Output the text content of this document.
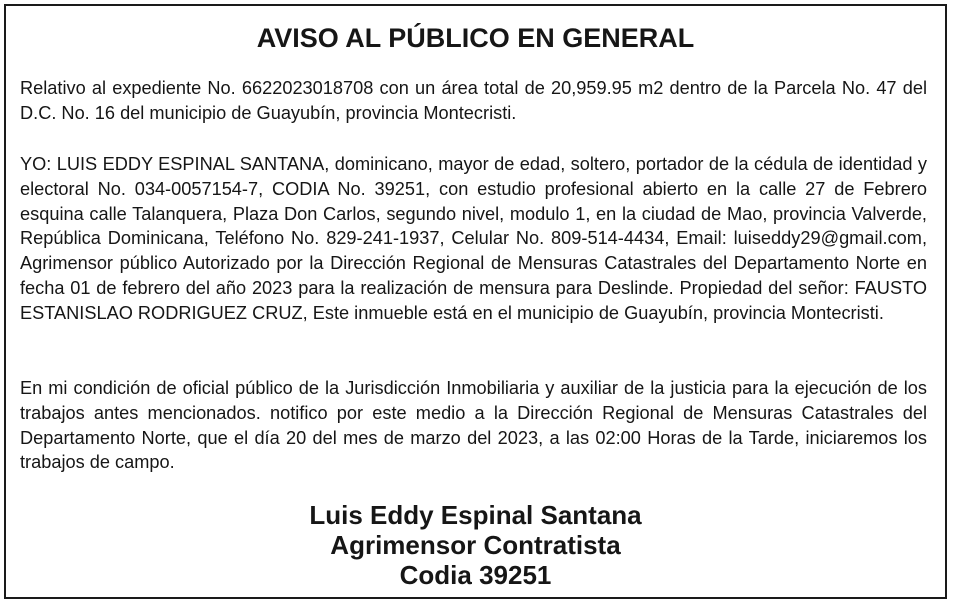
AVISO AL PÚBLICO EN GENERAL

Relativo al expediente No. 6622023018708 con un área total de 20,959.95 m2 dentro de la Parcela No. 47 del D.C. No. 16 del municipio de Guayubín, provincia Montecristi.

YO: LUIS EDDY ESPINAL SANTANA, dominicano, mayor de edad, soltero, portador de la cédula de identidad y electoral No. 034-0057154-7, CODIA No. 39251, con estudio profesional abierto en la calle 27 de Febrero esquina calle Talanquera, Plaza Don Carlos, segundo nivel, modulo 1, en la ciudad de Mao, provincia Valverde, República Dominicana, Teléfono No. 829-241-1937, Celular No. 809-514-4434, Email: luiseddy29@gmail.com, Agrimensor público Autorizado por la Dirección Regional de Mensuras Catastrales del Departamento Norte en fecha 01 de febrero del año 2023 para la realización de mensura para Deslinde. Propiedad del señor: FAUSTO ESTANISLAO RODRIGUEZ CRUZ, Este inmueble está en el municipio de Guayubín, provincia Montecristi.

En mi condición de oficial público de la Jurisdicción Inmobiliaria y auxiliar de la justicia para la ejecución de los trabajos antes mencionados. notifico por este medio a la Dirección Regional de Mensuras Catastrales del Departamento Norte, que el día 20 del mes de marzo del 2023, a las 02:00 Horas de la Tarde, iniciaremos los trabajos de campo.

Luis Eddy Espinal Santana
Agrimensor Contratista
Codia 39251
